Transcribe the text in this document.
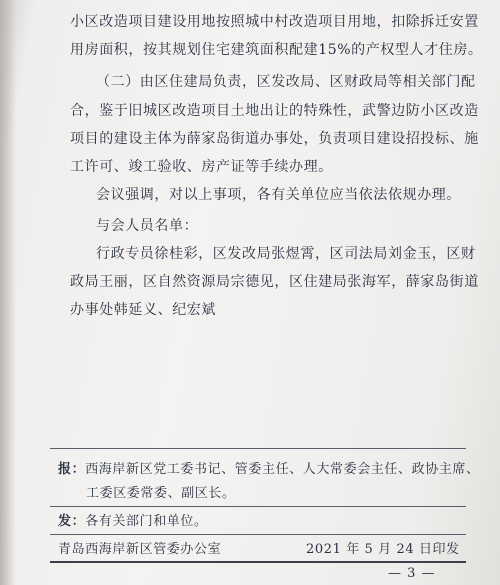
小区改造项目建设用地按照城中村改造项目用地，扣除拆迁安置
用房面积，按其规划住宅建筑面积配建15%的产权型人才住房。
（二）由区住建局负责，区发改局、区财政局等相关部门配
合，鉴于旧城区改造项目土地出让的特殊性，武警边防小区改造
项目的建设主体为薛家岛街道办事处，负责项目建设招投标、施
工许可、竣工验收、房产证等手续办理。
会议强调，对以上事项，各有关单位应当依法依规办理。
与会人员名单：
行政专员徐桂彩，区发改局张煜霄，区司法局刘金玉，区财
政局王丽，区自然资源局宗德见，区住建局张海军，薛家岛街道
办事处韩延义、纪宏斌
报：西海岸新区党工委书记、管委主任、人大常委会主任、政协主席、
工委区委常委、副区长。
发：各有关部门和单位。
青岛西海岸新区管委办公室	2021 年 5 月 24 日印发
— 3 —
